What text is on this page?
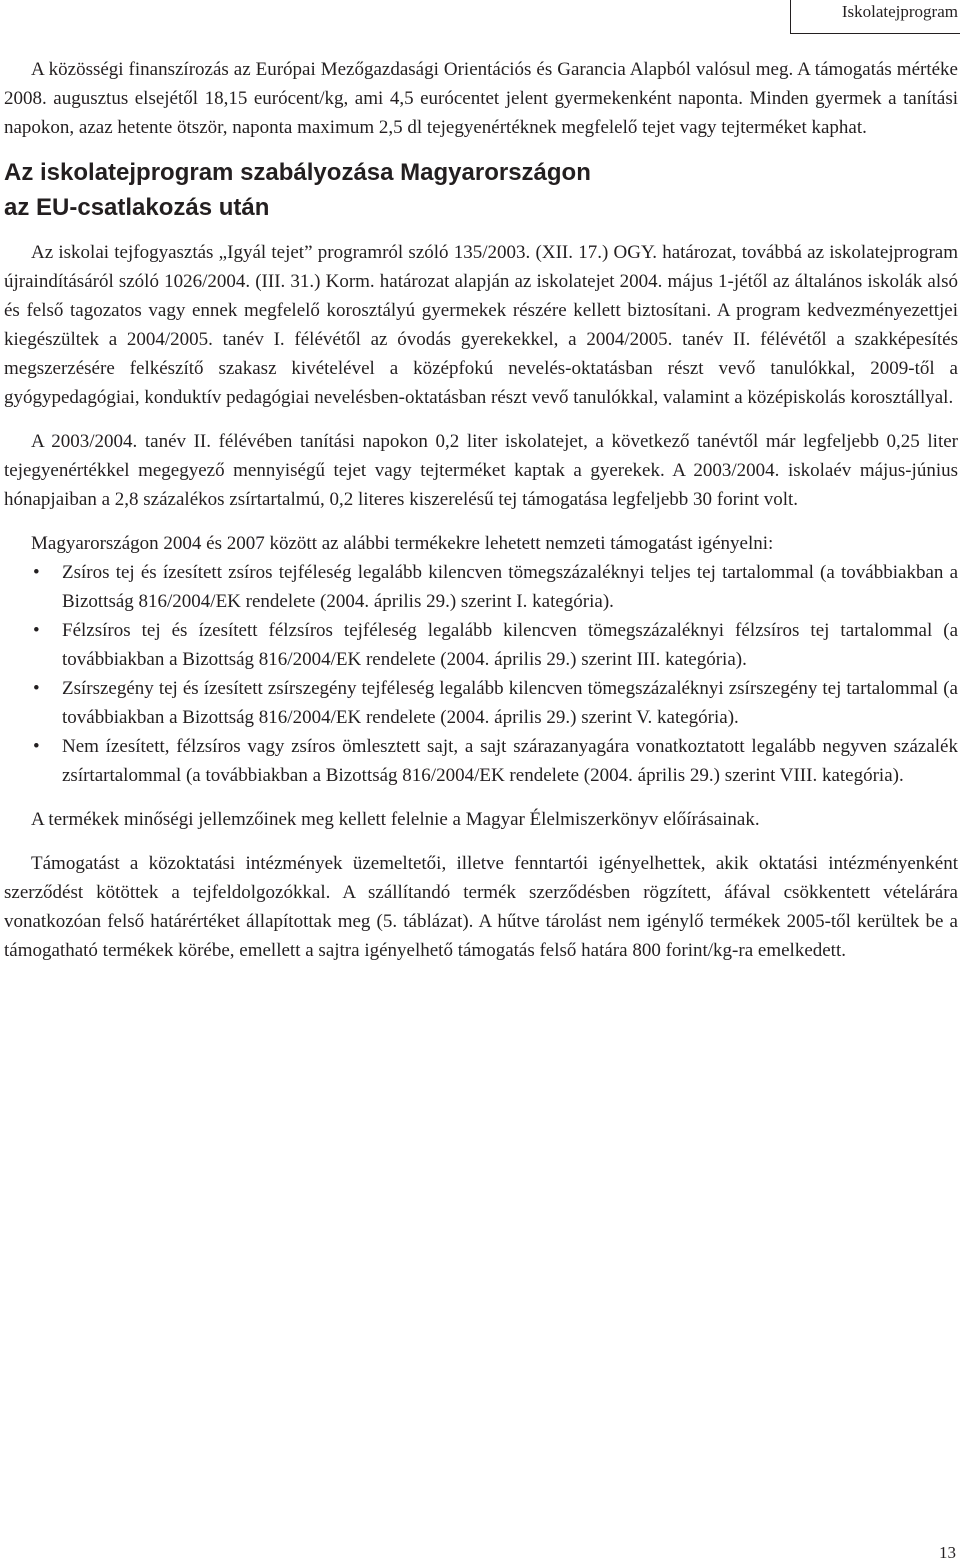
Iskolatejprogram

A közösségi finanszírozás az Európai Mezőgazdasági Orientációs és Garancia Alapból valósul meg. A támogatás mértéke 2008. augusztus elsejétől 18,15 eurócent/kg, ami 4,5 eurócentet jelent gyermekenként naponta. Minden gyermek a tanítási napokon, azaz hetente ötször, naponta maximum 2,5 dl tejegyenértéknek megfelelő tejet vagy tejterméket kaphat.

Az iskolatejprogram szabályozása Magyarországon
az EU-csatlakozás után

Az iskolai tejfogyasztás „Igyál tejet” programról szóló 135/2003. (XII. 17.) OGY. határozat, továbbá az iskolatejprogram újraindításáról szóló 1026/2004. (III. 31.) Korm. határozat alapján az iskolatejet 2004. május 1-jétől az általános iskolák alsó és felső tagozatos vagy ennek megfelelő korosztályú gyermekek részére kellett biztosítani. A program kedvezményezettjei kiegészültek a 2004/2005. tanév I. félévétől az óvodás gyerekekkel, a 2004/2005. tanév II. félévétől a szakképesítés megszerzésére felkészítő szakasz kivételével a középfokú nevelés-oktatásban részt vevő tanulókkal, 2009-től a gyógypedagógiai, konduktív pedagógiai nevelésben-oktatásban részt vevő tanulókkal, valamint a középiskolás korosztállyal.

A 2003/2004. tanév II. félévében tanítási napokon 0,2 liter iskolatejet, a következő tanévtől már legfeljebb 0,25 liter tejegyenértékkel megegyező mennyiségű tejet vagy tejterméket kaptak a gyerekek. A 2003/2004. iskolaév május-június hónapjaiban a 2,8 százalékos zsírtartalmú, 0,2 literes kiszerelésű tej támogatása legfeljebb 30 forint volt.

Magyarországon 2004 és 2007 között az alábbi termékekre lehetett nemzeti támogatást igényelni:

• Zsíros tej és ízesített zsíros tejféleség legalább kilencven tömegszázaléknyi teljes tej tartalommal (a továbbiakban a Bizottság 816/2004/EK rendelete (2004. április 29.) szerint I. kategória).
• Félzsíros tej és ízesített félzsíros tejféleség legalább kilencven tömegszázaléknyi félzsíros tej tartalommal (a továbbiakban a Bizottság 816/2004/EK rendelete (2004. április 29.) szerint III. kategória).
• Zsírszegény tej és ízesített zsírszegény tejféleség legalább kilencven tömegszázaléknyi zsírszegény tej tartalommal (a továbbiakban a Bizottság 816/2004/EK rendelete (2004. április 29.) szerint V. kategória).
• Nem ízesített, félzsíros vagy zsíros ömlesztett sajt, a sajt szárazanyagára vonatkoztatott legalább negyven százalék zsírtartalommal (a továbbiakban a Bizottság 816/2004/EK rendelete (2004. április 29.) szerint VIII. kategória).

A termékek minőségi jellemzőinek meg kellett felelnie a Magyar Élelmiszerkönyv előírásainak.

Támogatást a közoktatási intézmények üzemeltetői, illetve fenntartói igényelhettek, akik oktatási intézményenként szerződést kötöttek a tejfeldolgozókkal. A szállítandó termék szerződésben rögzített, áfával csökkentett vételárára vonatkozóan felső határértéket állapítottak meg (5. táblázat). A hűtve tárolást nem igénylő termékek 2005-től kerültek be a támogatható termékek körébe, emellett a sajtra igényelhető támogatás felső határa 800 forint/kg-ra emelkedett.

13
